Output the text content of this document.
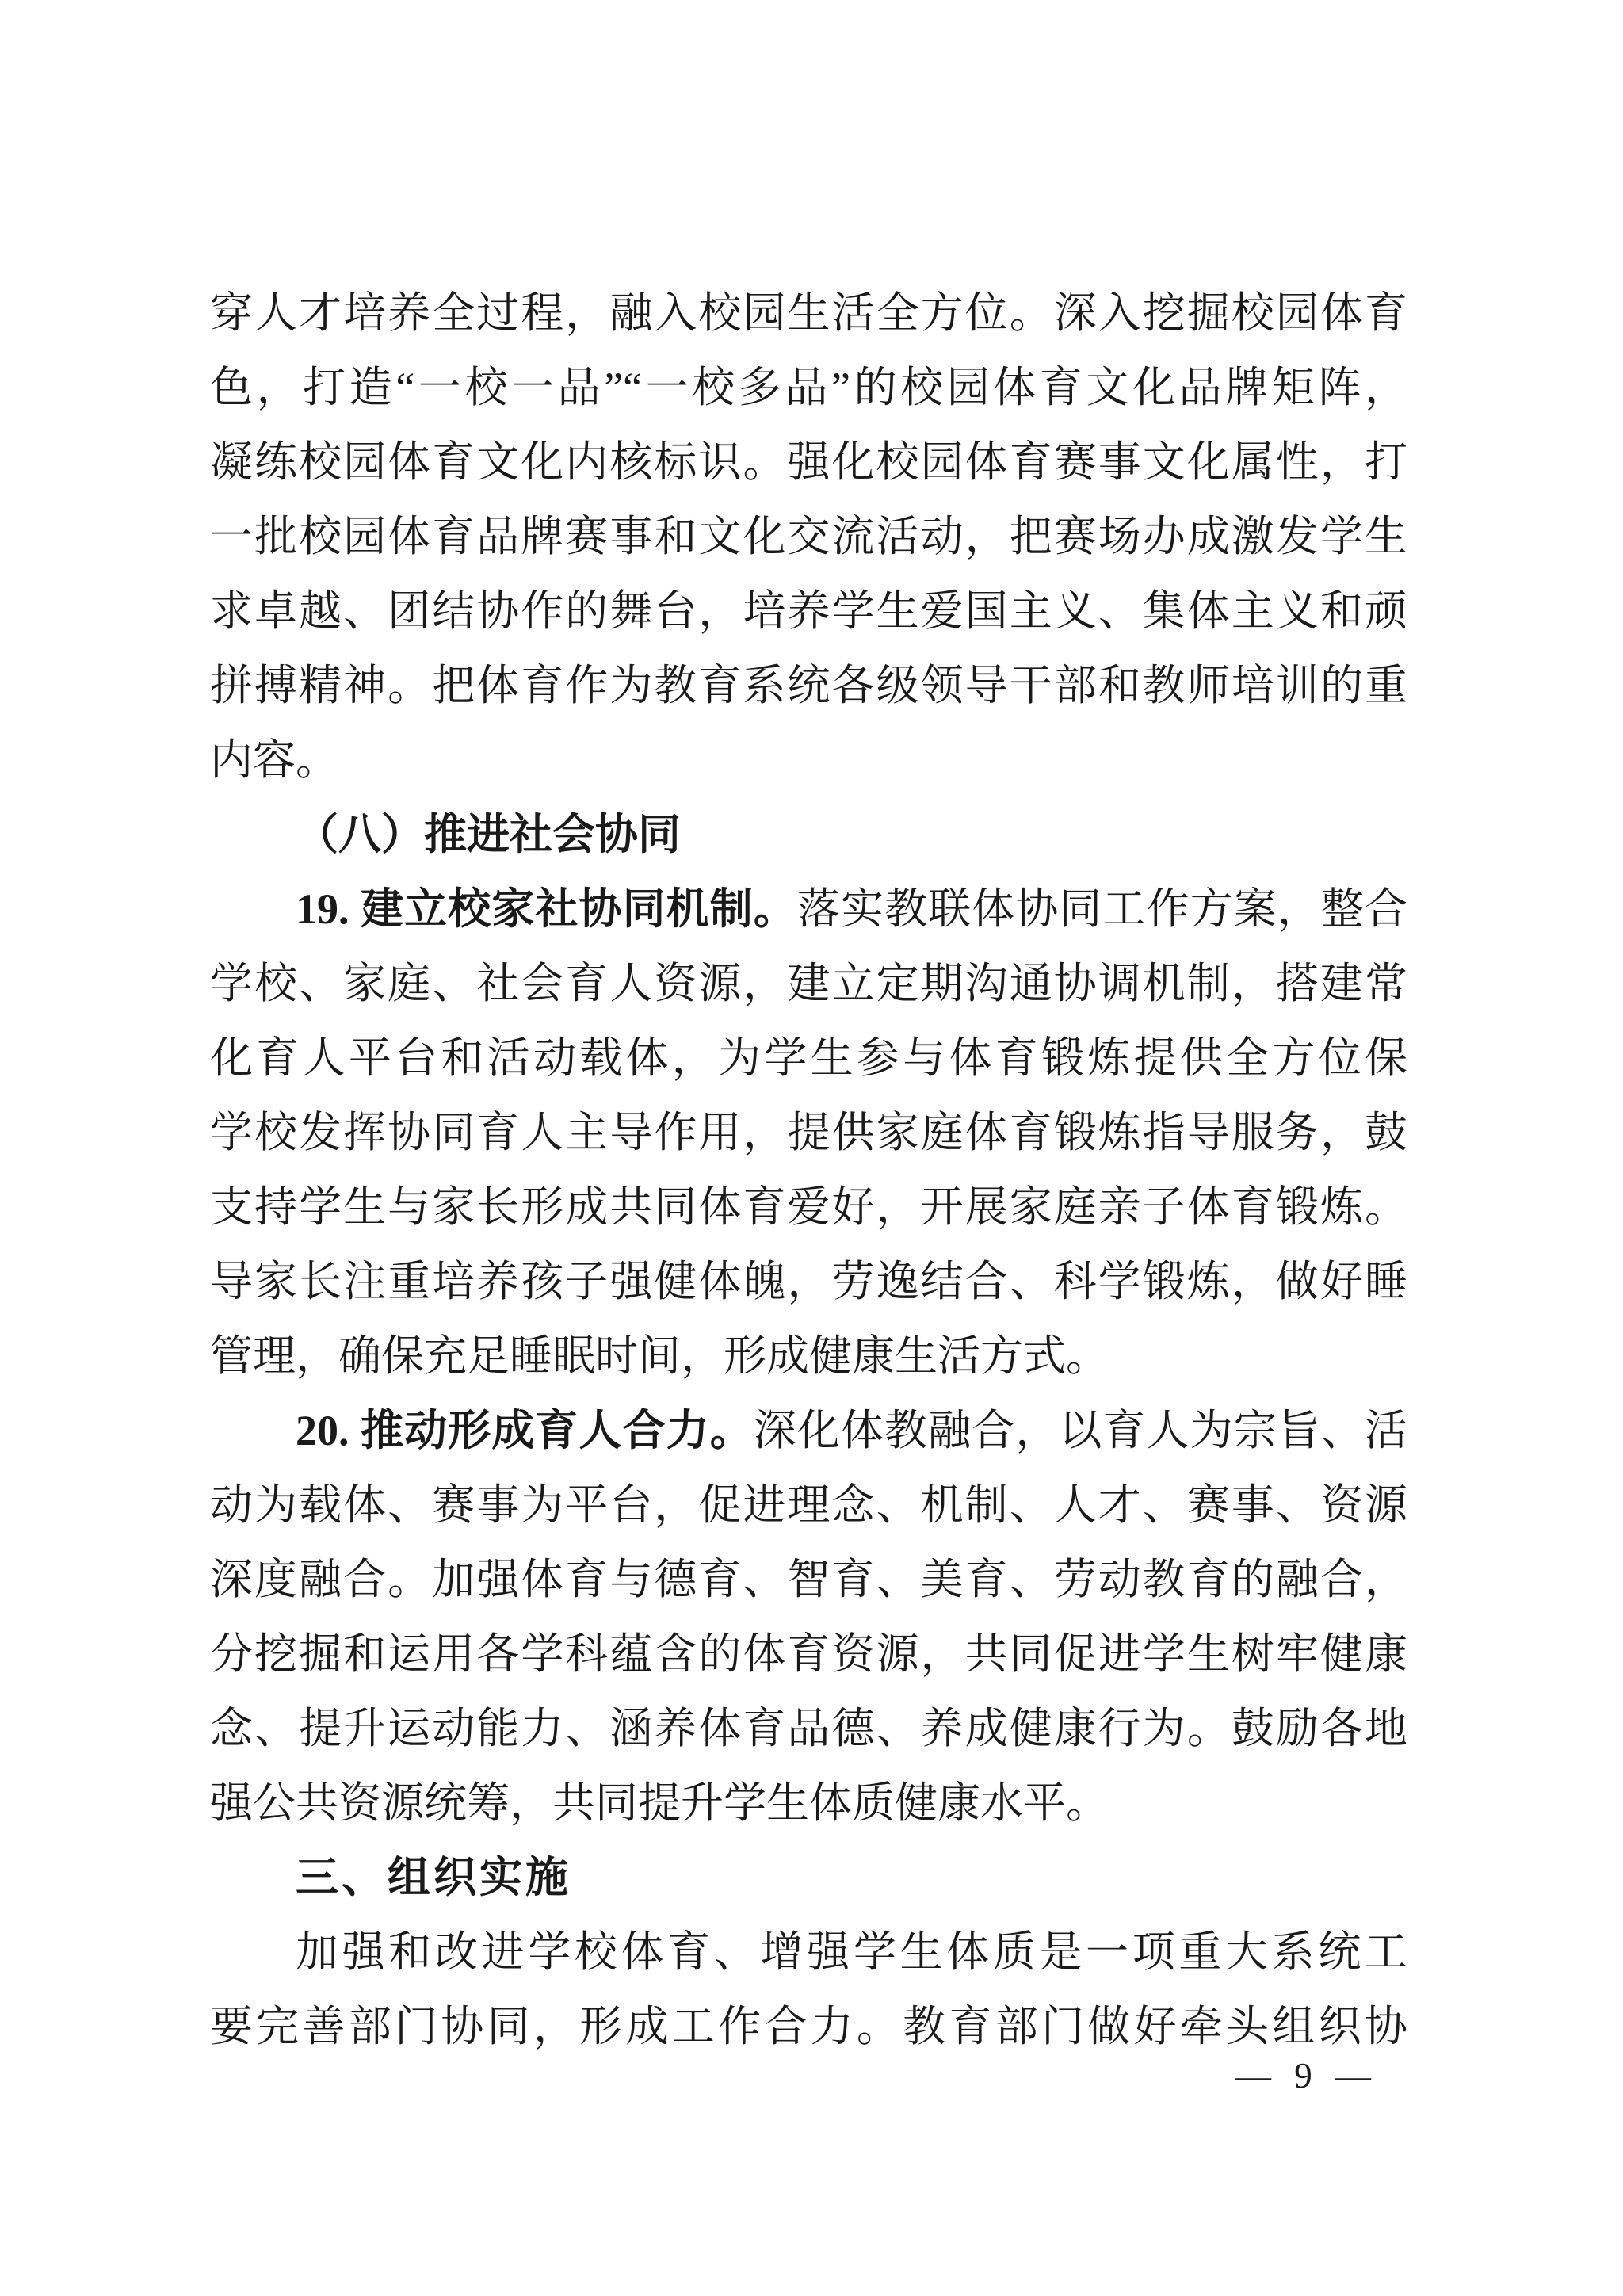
穿人才培养全过程，融入校园生活全方位。深入挖掘校园体育
色，打造“一校一品”“一校多品”的校园体育文化品牌矩阵，
凝练校园体育文化内核标识。强化校园体育赛事文化属性，打
一批校园体育品牌赛事和文化交流活动，把赛场办成激发学生
求卓越、团结协作的舞台，培养学生爱国主义、集体主义和顽
拼搏精神。把体育作为教育系统各级领导干部和教师培训的重
内容。
（八）推进社会协同
19. 建立校家社协同机制。落实教联体协同工作方案，整合
学校、家庭、社会育人资源，建立定期沟通协调机制，搭建常
化育人平台和活动载体，为学生参与体育锻炼提供全方位保
学校发挥协同育人主导作用，提供家庭体育锻炼指导服务，鼓
支持学生与家长形成共同体育爱好，开展家庭亲子体育锻炼。
导家长注重培养孩子强健体魄，劳逸结合、科学锻炼，做好睡
管理，确保充足睡眠时间，形成健康生活方式。
20. 推动形成育人合力。深化体教融合，以育人为宗旨、活
动为载体、赛事为平台，促进理念、机制、人才、赛事、资源
深度融合。加强体育与德育、智育、美育、劳动教育的融合，
分挖掘和运用各学科蕴含的体育资源，共同促进学生树牢健康
念、提升运动能力、涵养体育品德、养成健康行为。鼓励各地
强公共资源统筹，共同提升学生体质健康水平。
三、组织实施
加强和改进学校体育、增强学生体质是一项重大系统工
要完善部门协同，形成工作合力。教育部门做好牵头组织协
— 9 —
